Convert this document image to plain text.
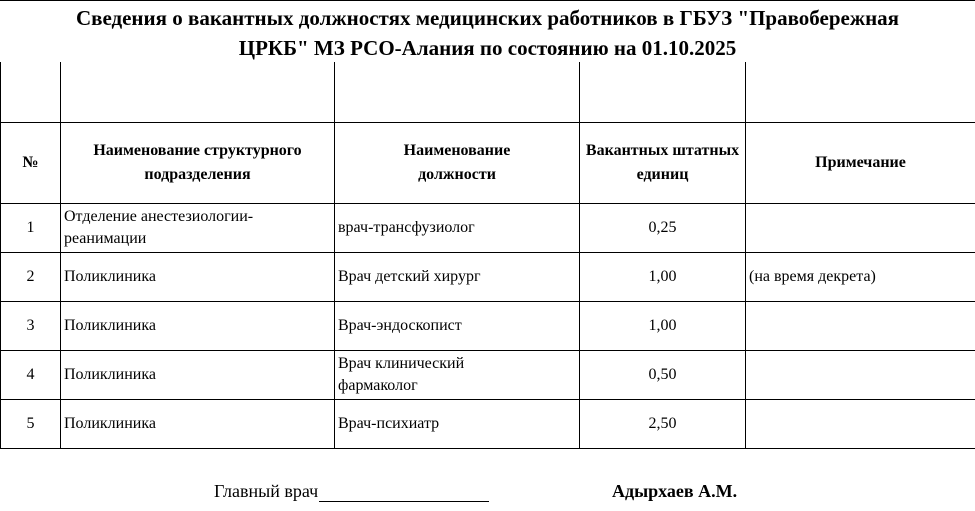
Сведения о вакантных должностях медицинских работников в ГБУЗ "Правобережная
ЦРКБ" МЗ РСО-Алания по состоянию на 01.10.2025

№	Наименование структурного подразделения	Наименование должности	Вакантных штатных единиц	Примечание
1	Отделение анестезиологии-реанимации	врач-трансфузиолог	0,25	
2	Поликлиника	Врач детский хирург	1,00	(на время декрета)
3	Поликлиника	Врач-эндоскопист	1,00	
4	Поликлиника	Врач клинический фармаколог	0,50	
5	Поликлиника	Врач-психиатр	2,50	
Главный врач	Адырхаев А.М.
